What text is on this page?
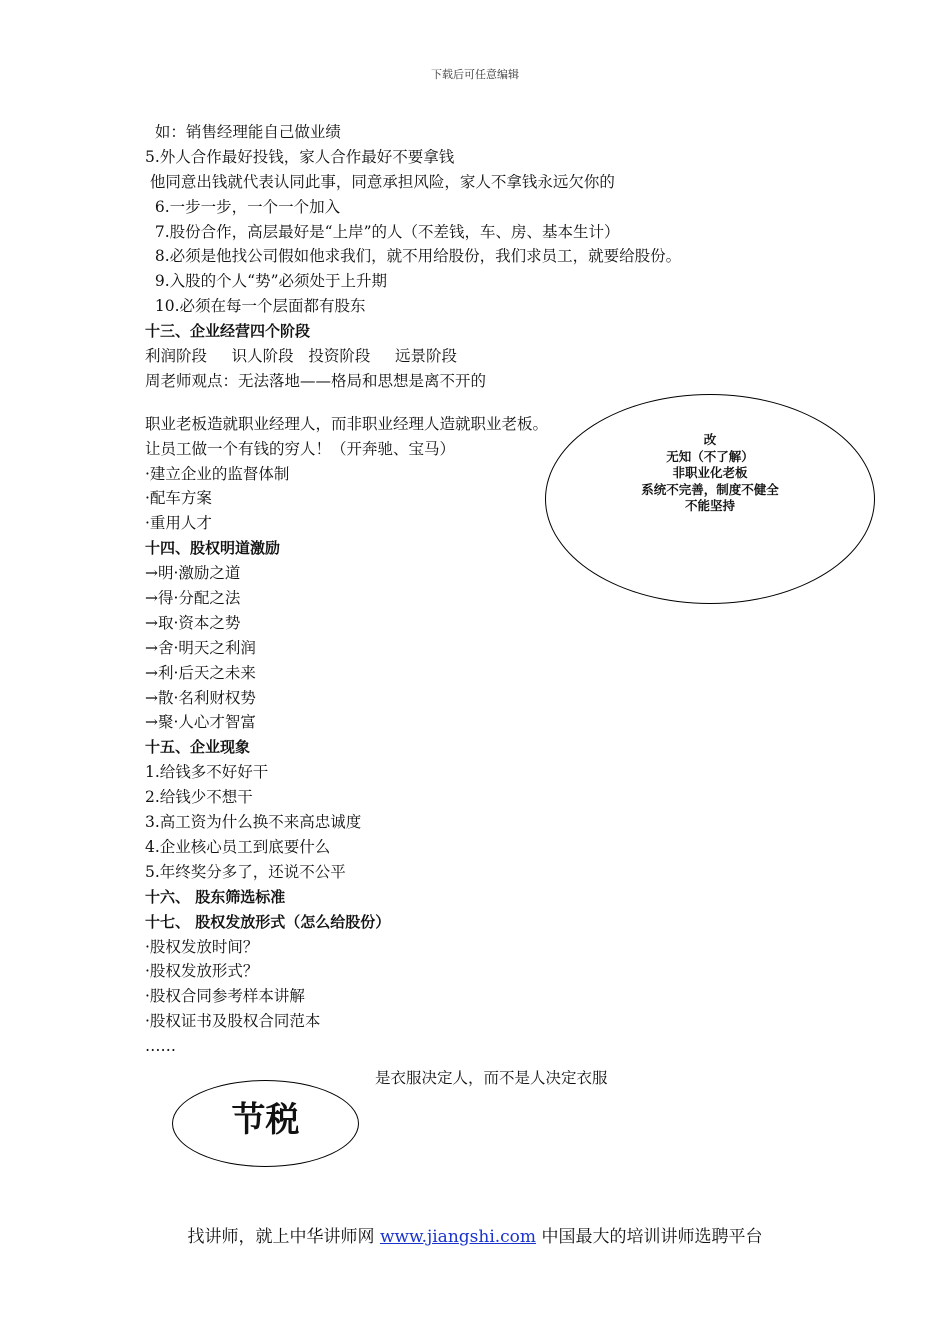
下载后可任意编辑
如：销售经理能自己做业绩
5.外人合作最好投钱，家人合作最好不要拿钱
他同意出钱就代表认同此事，同意承担风险，家人不拿钱永远欠你的
6.一步一步，一个一个加入
7.股份合作，高层最好是“上岸”的人（不差钱，车、房、基本生计）
8.必须是他找公司假如他求我们，就不用给股份，我们求员工，就要给股份。
9.入股的个人“势”必须处于上升期
10.必须在每一个层面都有股东
十三、企业经营四个阶段
利润阶段     识人阶段   投资阶段     远景阶段
周老师观点：无法落地——格局和思想是离不开的
职业老板造就职业经理人，而非职业经理人造就职业老板。
让员工做一个有钱的穷人！（开奔驰、宝马）
·建立企业的监督体制
·配车方案
·重用人才
十四、股权明道激励
→明·激励之道
→得·分配之法
→取·资本之势
→舍·明天之利润
→利·后天之未来
→散·名利财权势
→聚·人心才智富
十五、企业现象
1.给钱多不好好干
2.给钱少不想干
3.高工资为什么换不来高忠诚度
4.企业核心员工到底要什么
5.年终奖分多了，还说不公平
十六、 股东筛选标准
十七、 股权发放形式（怎么给股份）
·股权发放时间？
·股权发放形式？
·股权合同参考样本讲解
·股权证书及股权合同范本
……
改
无知（不了解）
非职业化老板
系统不完善，制度不健全
不能坚持
是衣服决定人，而不是人决定衣服
节税
找讲师，就上中华讲师网 www.jiangshi.com 中国最大的培训讲师选聘平台
